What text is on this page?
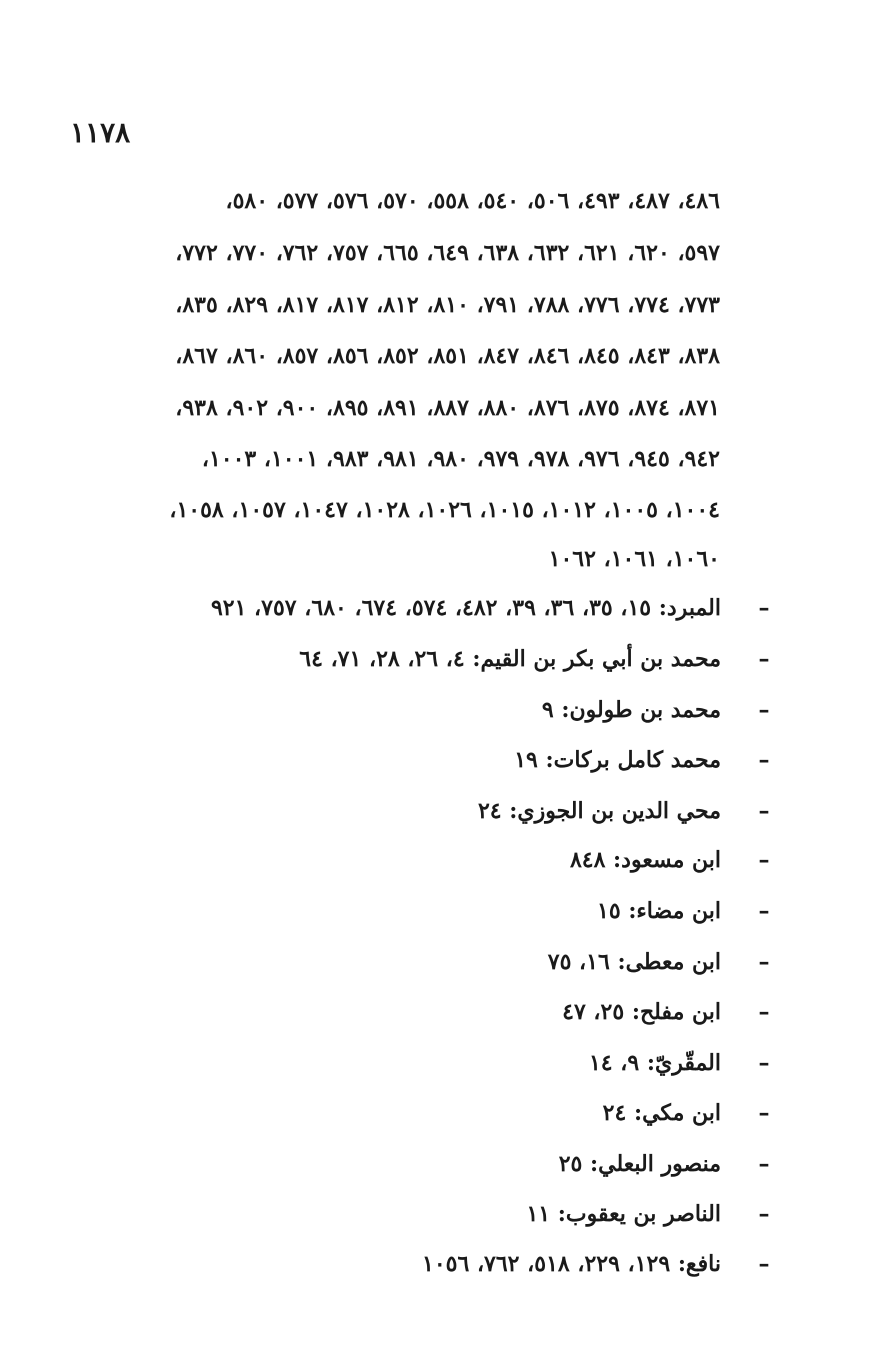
١١٧٨
٤٨٦، ٤٨٧، ٤٩٣، ٥٠٦، ٥٤٠، ٥٥٨، ٥٧٠، ٥٧٦، ٥٧٧، ٥٨٠،
٥٩٧، ٦٢٠، ٦٢١، ٦٣٢، ٦٣٨، ٦٤٩، ٦٦٥، ٧٥٧، ٧٦٢، ٧٧٠، ٧٧٢،
٧٧٣، ٧٧٤، ٧٧٦، ٧٨٨، ٧٩١، ٨١٠، ٨١٢، ٨١٧، ٨١٧، ٨٢٩، ٨٣٥،
٨٣٨، ٨٤٣، ٨٤٥، ٨٤٦، ٨٤٧، ٨٥١، ٨٥٢، ٨٥٦، ٨٥٧، ٨٦٠، ٨٦٧،
٨٧١، ٨٧٤، ٨٧٥، ٨٧٦، ٨٨٠، ٨٨٧، ٨٩١، ٨٩٥، ٩٠٠، ٩٠٢، ٩٣٨،
٩٤٢، ٩٤٥، ٩٧٦، ٩٧٨، ٩٧٩، ٩٨٠، ٩٨١، ٩٨٣، ١٠٠١، ١٠٠٣،
١٠٠٤، ١٠٠٥، ١٠١٢، ١٠١٥، ١٠٢٦، ١٠٢٨، ١٠٤٧، ١٠٥٧، ١٠٥٨،
١٠٦٠، ١٠٦١، ١٠٦٢
–
المبرد: ١٥، ٣٥، ٣٦، ٣٩، ٤٨٢، ٥٧٤، ٦٧٤، ٦٨٠، ٧٥٧، ٩٢١
–
محمد بن أبي بكر بن القيم: ٤، ٢٦، ٢٨، ٧١، ٦٤
–
محمد بن طولون: ٩
–
محمد كامل بركات: ١٩
–
محي الدين بن الجوزي: ٢٤
–
ابن مسعود: ٨٤٨
–
ابن مضاء: ١٥
–
ابن معطى: ١٦، ٧٥
–
ابن مفلح: ٢٥، ٤٧
–
المقّريّ: ٩، ١٤
–
ابن مكي: ٢٤
–
منصور البعلي: ٢٥
–
الناصر بن يعقوب: ١١
–
نافع: ١٢٩، ٢٢٩، ٥١٨، ٧٦٢، ١٠٥٦
